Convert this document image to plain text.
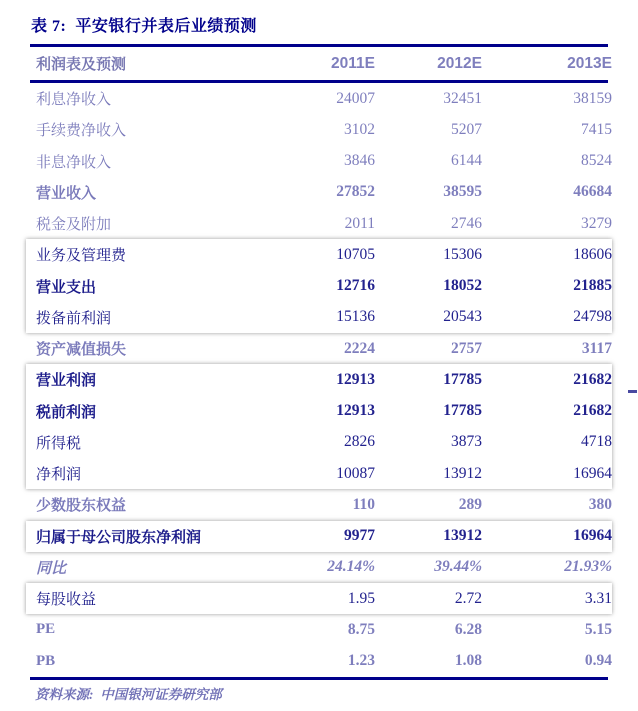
表 7:  平安银行并表后业绩预测
利润表及预测	2011E	2012E	2013E
利息净收入	24007	32451	38159
手续费净收入	3102	5207	7415
非息净收入	3846	6144	8524
营业收入	27852	38595	46684
税金及附加	2011	2746	3279
业务及管理费	10705	15306	18606
营业支出	12716	18052	21885
拨备前利润	15136	20543	24798
资产减值损失	2224	2757	3117
营业利润	12913	17785	21682
税前利润	12913	17785	21682
所得税	2826	3873	4718
净利润	10087	13912	16964
少数股东权益	110	289	380
归属于母公司股东净利润	9977	13912	16964
同比	24.14%	39.44%	21.93%
每股收益	1.95	2.72	3.31
PE	8.75	6.28	5.15
PB	1.23	1.08	0.94
资料来源:  中国银河证券研究部
